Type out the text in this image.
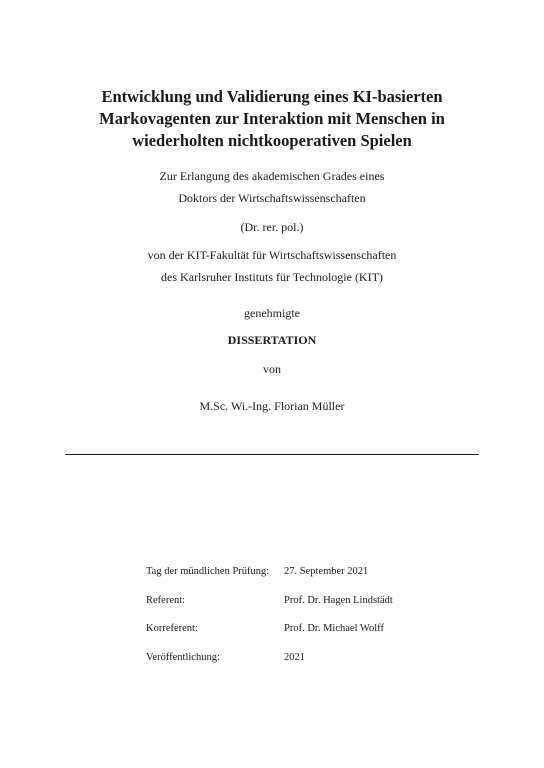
Entwicklung und Validierung eines KI-basierten
Markovagenten zur Interaktion mit Menschen in
wiederholten nichtkooperativen Spielen
Zur Erlangung des akademischen Grades eines
Doktors der Wirtschaftswissenschaften
(Dr. rer. pol.)
von der KIT-Fakultät für Wirtschaftswissenschaften
des Karlsruher Instituts für Technologie (KIT)
genehmigte
DISSERTATION
von
M.Sc. Wi.-Ing. Florian Müller
Tag der mündlichen Prüfung: 27. September 2021
Referent:	Prof. Dr. Hagen Lindstädt
Korreferent:	Prof. Dr. Michael Wolff
Veröffentlichung:	2021
